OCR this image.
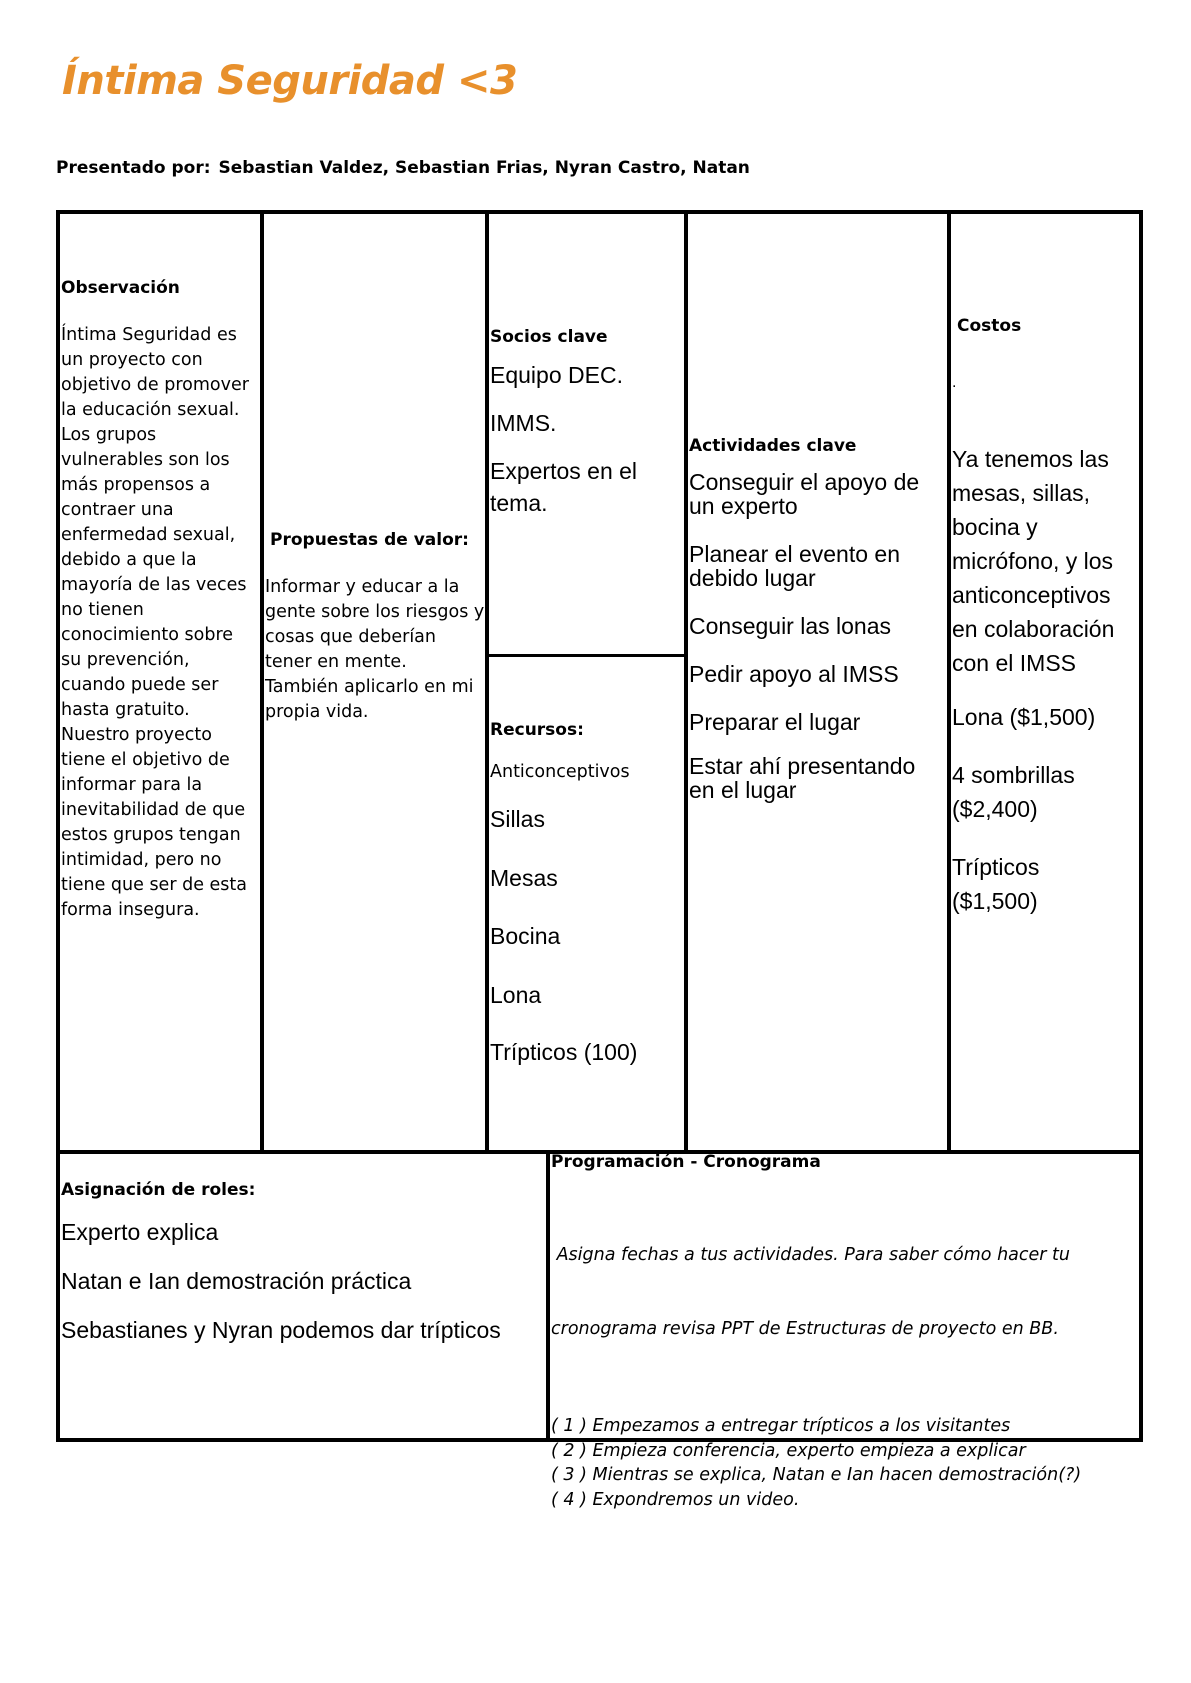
Íntima Seguridad <3
Presentado por: Sebastian Valdez, Sebastian Frias, Nyran Castro, Natan
Observación

Íntima Seguridad es

un proyecto con

objetivo de promover

la educación sexual.

Los grupos

vulnerables son los

más propensos a

contraer una

enfermedad sexual,

debido a que la

mayoría de las veces

no tienen

conocimiento sobre

su prevención,

cuando puede ser

hasta gratuito.

Nuestro proyecto

tiene el objetivo de

informar para la

inevitabilidad de que

estos grupos tengan

intimidad, pero no

tiene que ser de esta

forma insegura.

Propuestas de valor:

Informar y educar a la

gente sobre los riesgos y

cosas que deberían

tener en mente.

También aplicarlo en mi

propia vida.

Socios clave
Equipo DEC.
IMMS.
Expertos en el
tema.
Recursos:
Anticonceptivos
Sillas
Mesas
Bocina
Lona
Trípticos (100)
Actividades clave

Conseguir el apoyo de

un experto

Planear el evento en

debido lugar

Conseguir las lonas
Pedir apoyo al IMSS
Preparar el lugar

Estar ahí presentando

en el lugar

Costos
.

Ya tenemos las

mesas, sillas,

bocina y

micrófono, y los

anticonceptivos

en colaboración

con el IMSS

Lona ($1,500)

4 sombrillas

($2,400)

Trípticos

($1,500)

Asignación de roles:
Experto explica
Natan e Ian demostración práctica
Sebastianes y Nyran podemos dar trípticos
Programación - Cronograma

Asigna fechas a tus actividades. Para saber cómo hacer tu

cronograma revisa PPT de Estructuras de proyecto en BB.

( 1 ) Empezamos a entregar trípticos a los visitantes

( 2 ) Empieza conferencia, experto empieza a explicar

( 3 ) Mientras se explica, Natan e Ian hacen demostración(?)

( 4 ) Expondremos un video.
